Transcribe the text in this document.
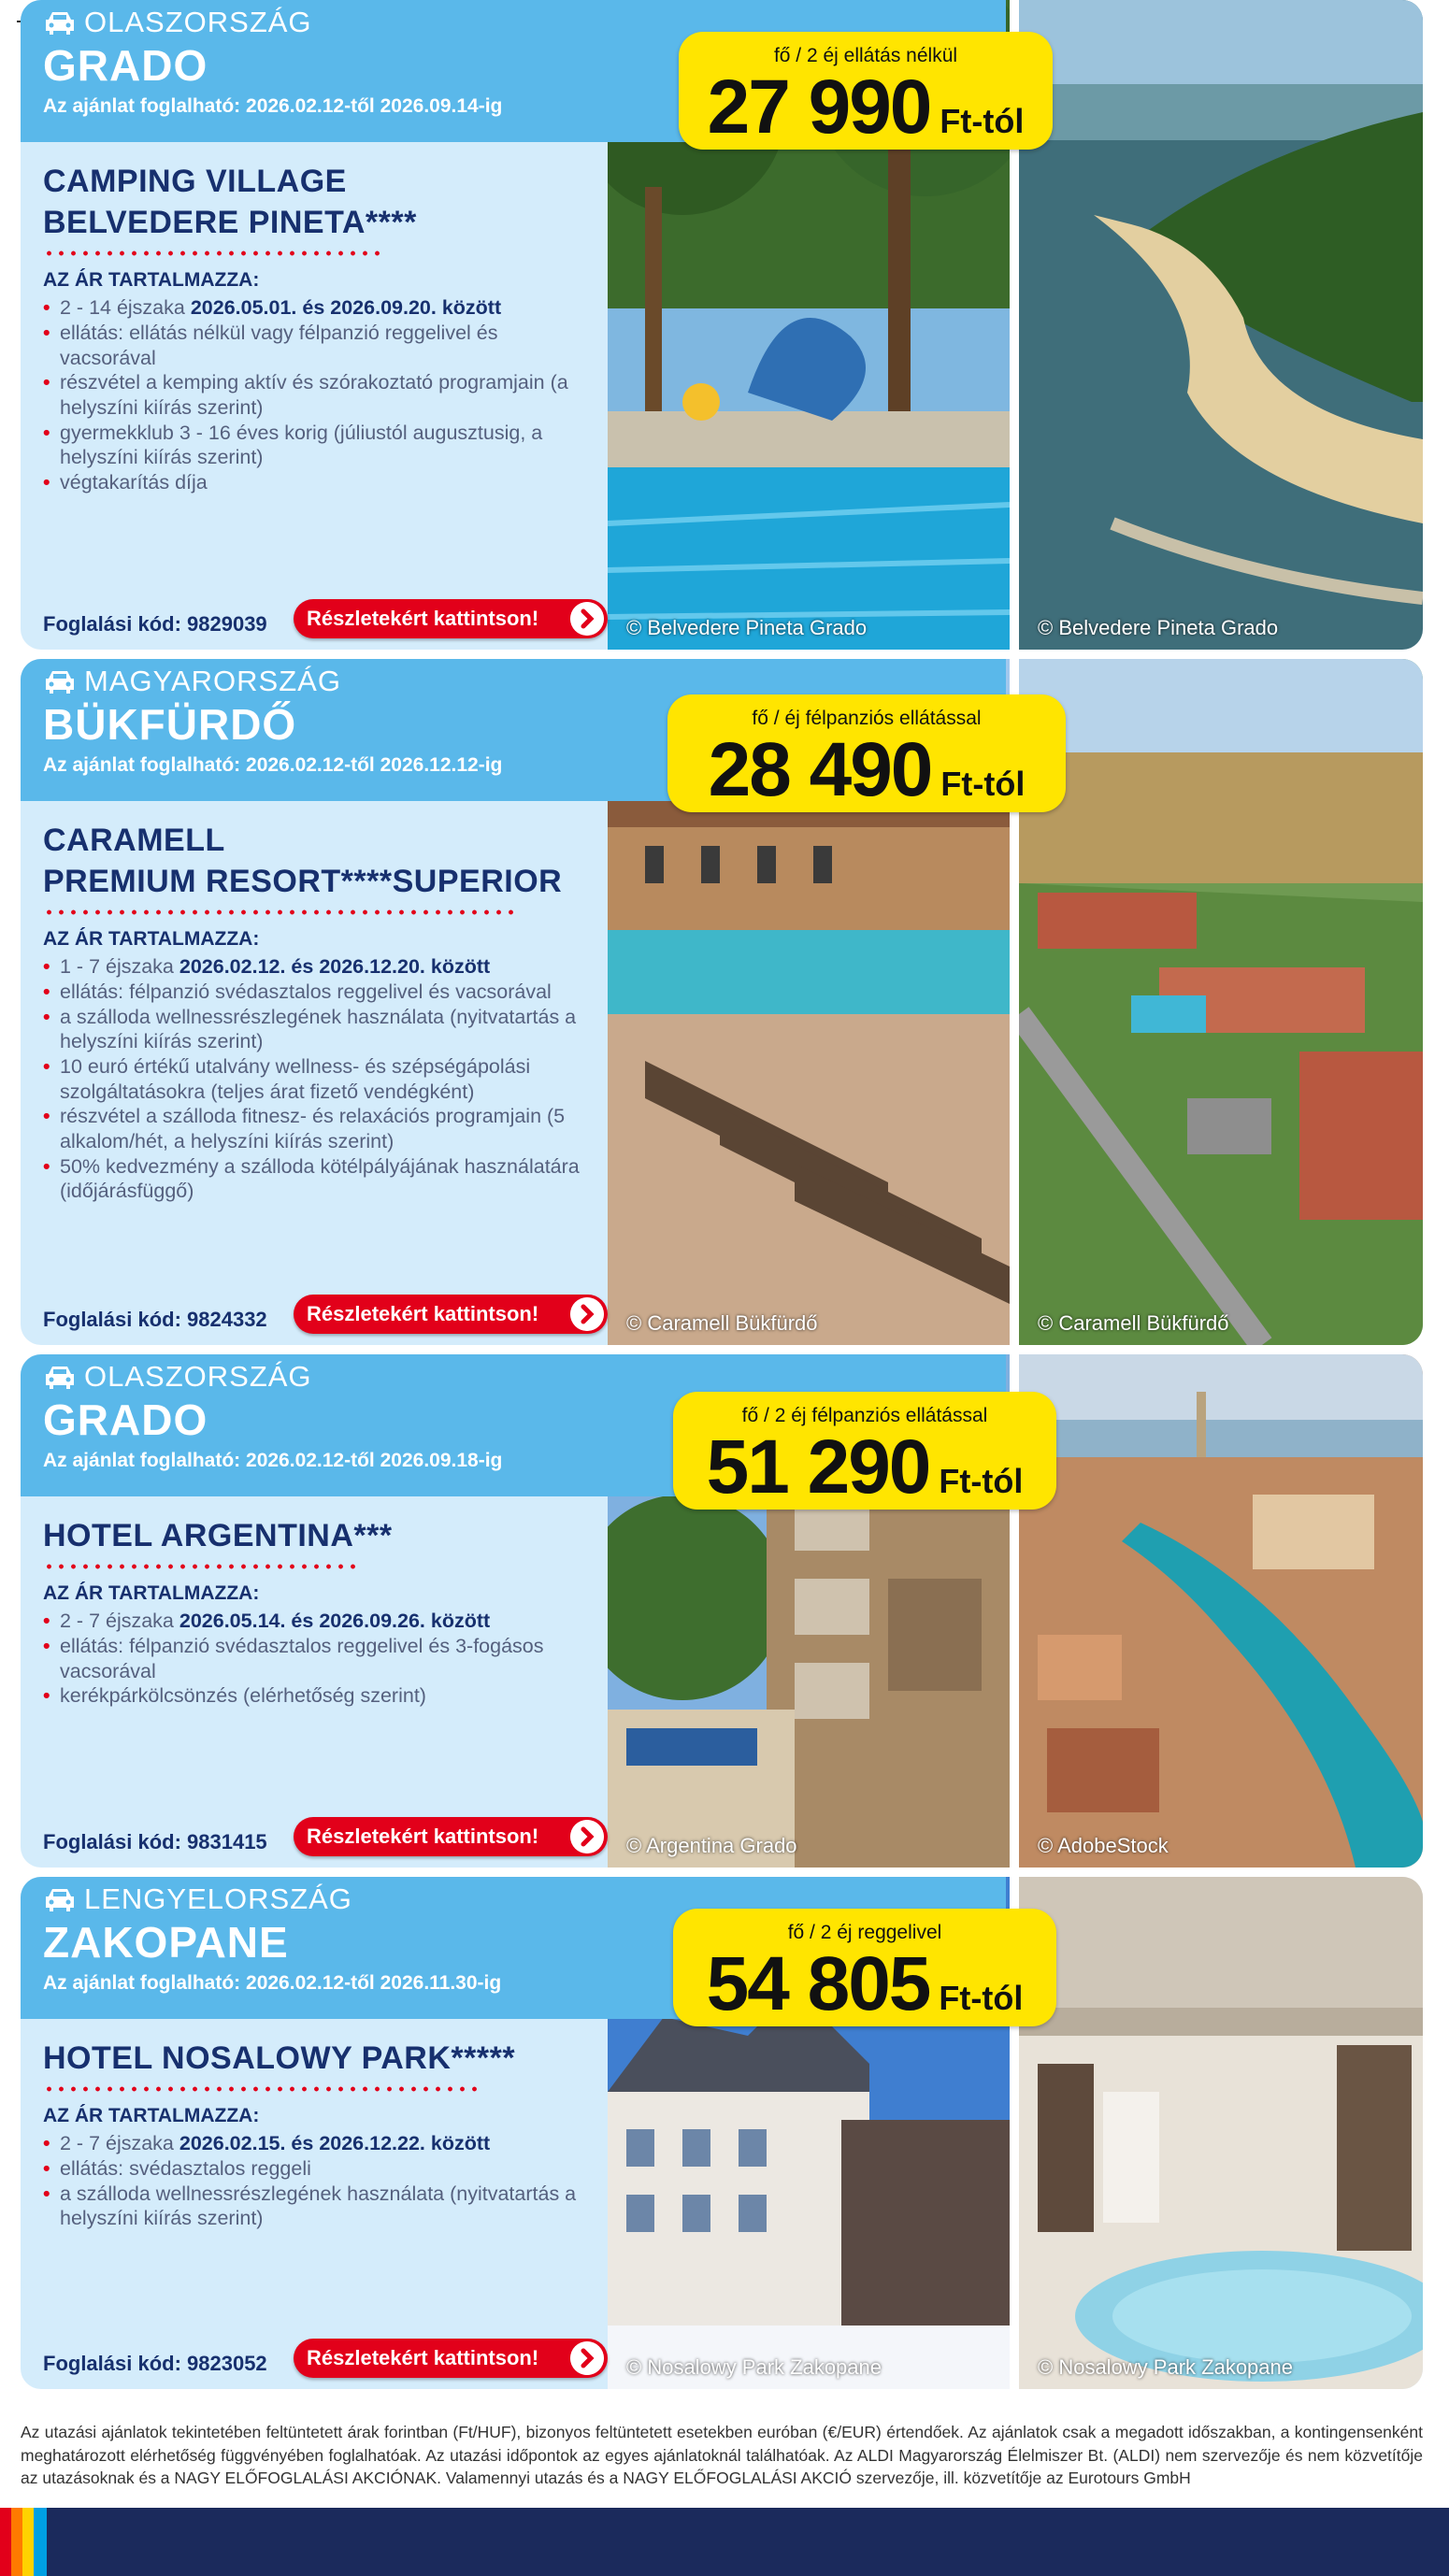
© Belvedere Pineta Grado	© Belvedere Pineta Grado
OLASZORSZÁG
GRADO
Az ajánlat foglalható: 2026.02.12-től 2026.09.14-ig
fő / 2 éj ellátás nélkül
27 990 Ft-tól
CAMPING VILLAGE
BELVEDERE PINETA****
AZ ÁR TARTALMAZZA:
• 2 - 14 éjszaka 2026.05.01. és 2026.09.20. között
• ellátás: ellátás nélkül vagy félpanzió reggelivel és vacsorával
• részvétel a kemping aktív és szórakoztató programjain (a helyszíni kiírás szerint)
• gyermekklub 3 - 16 éves korig (júliustól augusztusig, a helyszíni kiírás szerint)
• végtakarítás díja
Foglalási kód: 9829039 Részletekért kattintson!
© Caramell Bükfürdő	© Caramell Bükfürdő
MAGYARORSZÁG
BÜKFÜRDŐ
Az ajánlat foglalható: 2026.02.12-től 2026.12.12-ig
fő / éj félpanziós ellátással
28 490 Ft-tól
CARAMELL
PREMIUM RESORT****SUPERIOR
AZ ÁR TARTALMAZZA:
• 1 - 7 éjszaka 2026.02.12. és 2026.12.20. között
• ellátás: félpanzió svédasztalos reggelivel és vacsorával
• a szálloda wellnessrészlegének használata (nyitvatartás a helyszíni kiírás szerint)
• 10 euró értékű utalvány wellness- és szépségápolási szolgáltatásokra (teljes árat fizető vendégként)
• részvétel a szálloda fitnesz- és relaxációs programjain (5 alkalom/hét, a helyszíni kiírás szerint)
• 50% kedvezmény a szálloda kötélpályájának használatára (időjárásfüggő)
Foglalási kód: 9824332 Részletekért kattintson!
© Argentina Grado	© AdobeStock
OLASZORSZÁG
GRADO
Az ajánlat foglalható: 2026.02.12-től 2026.09.18-ig
fő / 2 éj félpanziós ellátással
51 290 Ft-tól
HOTEL ARGENTINA***
AZ ÁR TARTALMAZZA:
• 2 - 7 éjszaka 2026.05.14. és 2026.09.26. között
• ellátás: félpanzió svédasztalos reggelivel és 3-fogásos vacsorával
• kerékpárkölcsönzés (elérhetőség szerint)
Foglalási kód: 9831415 Részletekért kattintson!
© Nosalowy Park Zakopane	© Nosalowy Park Zakopane
LENGYELORSZÁG
ZAKOPANE
Az ajánlat foglalható: 2026.02.12-től 2026.11.30-ig
fő / 2 éj reggelivel
54 805 Ft-tól
HOTEL NOSALOWY PARK*****
AZ ÁR TARTALMAZZA:
• 2 - 7 éjszaka 2026.02.15. és 2026.12.22. között
• ellátás: svédasztalos reggeli
• a szálloda wellnessrészlegének használata (nyitvatartás a helyszíni kiírás szerint)
Foglalási kód: 9823052 Részletekért kattintson!
Az utazási ajánlatok tekintetében feltüntetett árak forintban (Ft/HUF), bizonyos feltüntetett esetekben euróban (€/EUR) értendőek. Az ajánlatok csak a megadott időszakban, a kontingensenként meghatározott elérhetőség függvényében foglalhatóak. Az utazási időpontok az egyes ajánlatoknál találhatóak. Az ALDI Magyarország Élelmiszer Bt. (ALDI) nem szervezője és nem közvetítője az utazásoknak és a NAGY ELŐFOGLALÁSI AKCIÓNAK. Valamennyi utazás és a NAGY ELŐFOGLALÁSI AKCIÓ szervezője, ill. közvetítője az Eurotours GmbH
